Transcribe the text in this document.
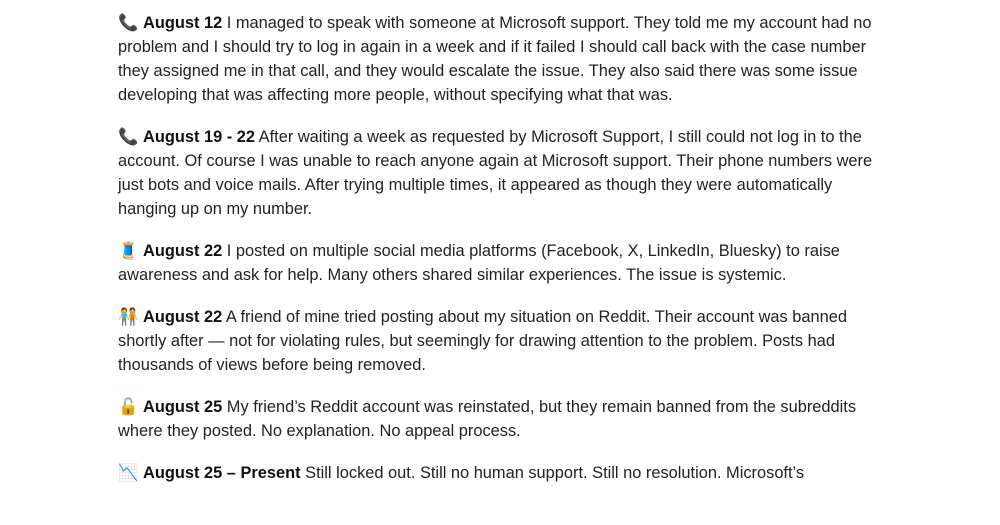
📞 August 12 I managed to speak with someone at Microsoft support. They told me my account had no problem and I should try to log in again in a week and if it failed I should call back with the case number they assigned me in that call, and they would escalate the issue. They also said there was some issue developing that was affecting more people, without specifying what that was.

📞 August 19 - 22 After waiting a week as requested by Microsoft Support, I still could not log in to the account. Of course I was unable to reach anyone again at Microsoft support. Their phone numbers were just bots and voice mails. After trying multiple times, it appeared as though they were automatically hanging up on my number.

🧵 August 22 I posted on multiple social media platforms (Facebook, X, LinkedIn, Bluesky) to raise awareness and ask for help. Many others shared similar experiences. The issue is systemic.

🧑‍🤝‍🧑 August 22 A friend of mine tried posting about my situation on Reddit. Their account was banned shortly after — not for violating rules, but seemingly for drawing attention to the problem. Posts had thousands of views before being removed.

🔓 August 25 My friend’s Reddit account was reinstated, but they remain banned from the subreddits where they posted. No explanation. No appeal process.

📉 August 25 – Present Still locked out. Still no human support. Still no resolution. Microsoft’s
